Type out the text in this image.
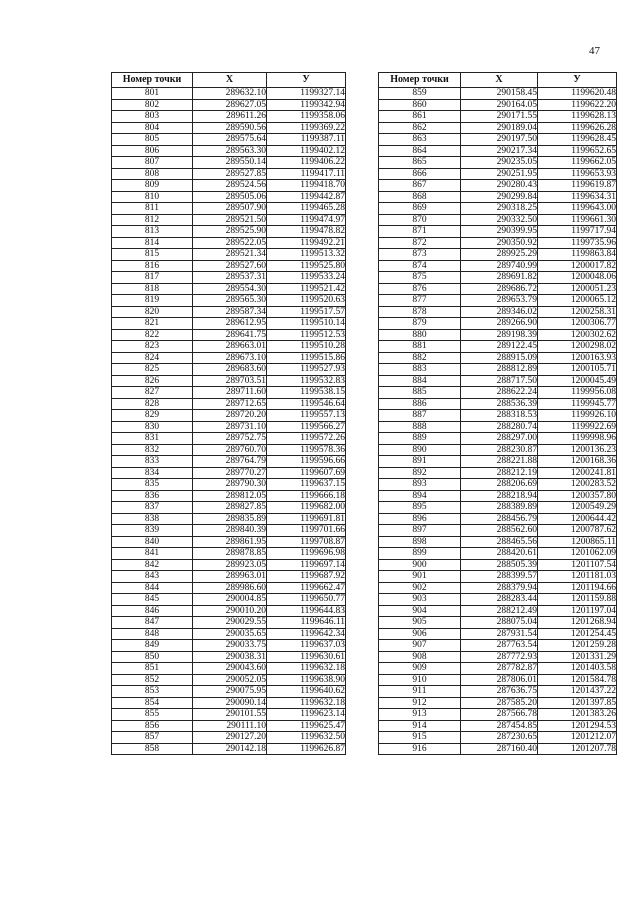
47
Номер точки	X	У
801	289632.10	1199327.14
802	289627.05	1199342.94
803	289611.26	1199358.06
804	289590.56	1199369.22
805	289575.64	1199387.11
806	289563.30	1199402.12
807	289550.14	1199406.22
808	289527.85	1199417.11
809	289524.56	1199418.70
810	289505.06	1199442.87
811	289507.90	1199465.28
812	289521.50	1199474.97
813	289525.90	1199478.82
814	289522.05	1199492.21
815	289521.34	1199513.32
816	289527.60	1199525.80
817	289537.31	1199533.24
818	289554.30	1199521.42
819	289565.30	1199520.63
820	289587.34	1199517.57
821	289612.95	1199510.14
822	289641.75	1199512.53
823	289663.01	1199510.28
824	289673.10	1199515.86
825	289683.60	1199527.93
826	289703.51	1199532.83
827	289711.60	1199538.15
828	289712.65	1199546.64
829	289720.20	1199557.13
830	289731.10	1199566.27
831	289752.75	1199572.26
832	289760.70	1199578.36
833	289764.79	1199596.66
834	289770.27	1199607.69
835	289790.30	1199637.15
836	289812.05	1199666.18
837	289827.85	1199682.00
838	289835.89	1199691.81
839	289840.39	1199701.66
840	289861.95	1199708.87
841	289878.85	1199696.98
842	289923.05	1199697.14
843	289963.01	1199687.92
844	289986.60	1199662.47
845	290004.85	1199650.77
846	290010.20	1199644.83
847	290029.55	1199646.11
848	290035.65	1199642.34
849	290033.75	1199637.03
850	290038.31	1199630.61
851	290043.60	1199632.18
852	290052.05	1199638.90
853	290075.95	1199640.62
854	290090.14	1199632.18
855	290101.55	1199623.14
856	290111.10	1199625.47
857	290127.20	1199632.50
858	290142.18	1199626.87
Номер точки	X	У
859	290158.45	1199620.48
860	290164.05	1199622.20
861	290171.55	1199628.13
862	290189.04	1199626.28
863	290197.50	1199628.45
864	290217.34	1199652.65
865	290235.05	1199662.05
866	290251.95	1199653.93
867	290280.43	1199619.87
868	290299.84	1199634.31
869	290318.25	1199643.00
870	290332.50	1199661.30
871	290399.95	1199717.94
872	290350.92	1199735.96
873	289925.29	1199863.84
874	289740.99	1200017.82
875	289691.82	1200048.06
876	289686.72	1200051.23
877	289653.79	1200065.12
878	289346.02	1200258.31
879	289266.90	1200306.77
880	289198.39	1200302.62
881	289122.45	1200298.02
882	288915.09	1200163.93
883	288812.89	1200105.71
884	288717.50	1200045.49
885	288622.24	1199956.08
886	288536.39	1199945.77
887	288318.53	1199926.10
888	288280.74	1199922.69
889	288297.00	1199998.96
890	288230.87	1200136.23
891	288221.88	1200168.36
892	288212.19	1200241.81
893	288206.69	1200283.52
894	288218.94	1200357.80
895	288389.89	1200549.29
896	288456.79	1200644.42
897	288562.60	1200787.62
898	288465.56	1200865.11
899	288420.61	1201062.09
900	288505.39	1201107.54
901	288399.57	1201181.03
902	288379.94	1201194.66
903	288283.44	1201159.88
904	288212.49	1201197.04
905	288075.04	1201268.94
906	287931.54	1201254.45
907	287763.54	1201259.28
908	287772.93	1201331.29
909	287782.87	1201403.58
910	287806.01	1201584.78
911	287636.75	1201437.22
912	287585.20	1201397.85
913	287566.78	1201383.26
914	287454.85	1201294.53
915	287230.65	1201212.07
916	287160.40	1201207.78
